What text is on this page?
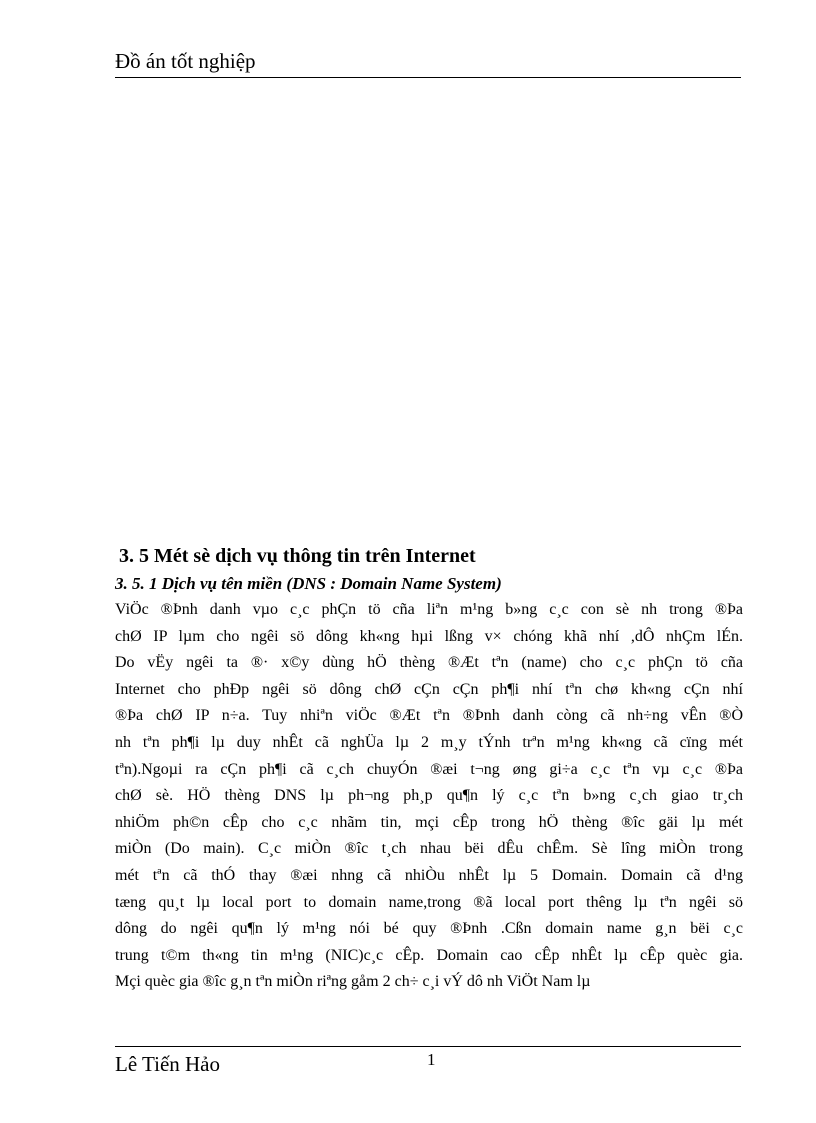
Đồ án tốt nghiệp
3. 5 Mét sè dịch vụ thông tin trên Internet
3. 5. 1 Dịch vụ tên miền (DNS : Domain Name System)
ViÖc ®Þnh danh vµo c¸c phÇn tö cña liªn m¹ng b»ng c¸c con sè nh trong ®Þa
chØ IP lµm cho ngêi sö dông kh«ng hµi lßng v× chóng khã nhí ,dÔ nhÇm lÉn.
Do vËy ngêi ta ®· x©y dùng hÖ thèng ®Æt tªn (name) cho c¸c phÇn tö cña
Internet cho phÐp ngêi sö dông chØ cÇn cÇn ph¶i nhí tªn chø kh«ng cÇn nhí
®Þa chØ IP n÷a. Tuy nhiªn viÖc ®Æt tªn ®Þnh danh còng cã nh÷ng vÊn ®Ò
nh tªn ph¶i lµ duy nhÊt cã nghÜa lµ 2 m¸y tÝnh trªn m¹ng kh«ng cã cïng mét
tªn).Ngoµi ra cÇn ph¶i cã c¸ch chuyÓn ®æi t¬ng øng gi÷a c¸c tªn vµ c¸c ®Þa
chØ sè. HÖ thèng DNS lµ ph¬ng ph¸p qu¶n lý c¸c tªn b»ng c¸ch giao tr¸ch
nhiÖm ph©n cÊp cho c¸c nhãm tin, mçi cÊp trong hÖ thèng ®îc gäi lµ mét
miÒn (Do main). C¸c miÒn ®îc t¸ch nhau bëi dÊu chÊm. Sè lîng miÒn trong
mét tªn cã thÓ thay ®æi nhng cã nhiÒu nhÊt lµ 5 Domain. Domain cã d¹ng
tæng qu¸t lµ local port to domain name,trong ®ã local port thêng lµ tªn ngêi sö
dông do ngêi qu¶n lý m¹ng nói bé quy ®Þnh .Cßn domain name g¸n bëi c¸c
trung t©m th«ng tin m¹ng (NIC)c¸c cÊp. Domain cao cÊp nhÊt lµ cÊp quèc gia.
Mçi quèc gia ®îc g¸n tªn miÒn riªng gåm 2 ch÷ c¸i vÝ dô nh ViÖt Nam lµ
Lê Tiến Hảo	1
